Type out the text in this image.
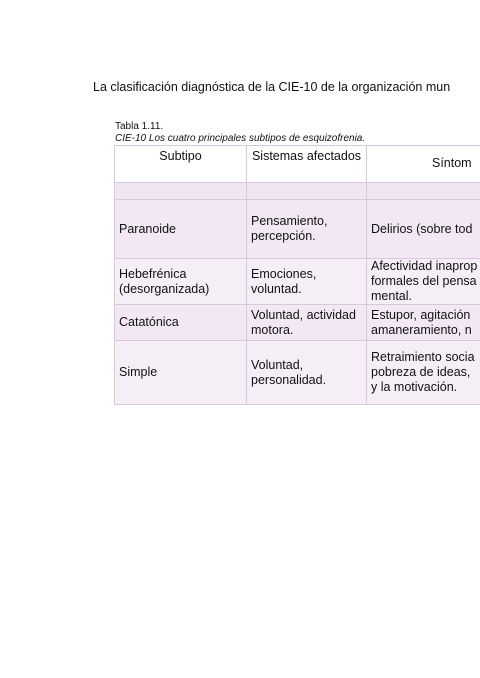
La clasificación diagnóstica de la CIE-10 de la organización mun

Tabla 1.11.

CIE-10 Los cuatro principales subtipos de esquizofrenia.

Subtipo	Sistemas afectados	Síntom

Paranoide	Pensamiento, percepción.	Delirios (sobre tod

Hebefrénica (desorganizada)	Emociones, voluntad.	Afectividad inaprop
formales del pensa
mental.

Catatónica	Voluntad, actividad motora.	Estupor, agitación
amaneramiento, n

Simple	Voluntad, personalidad.	Retraimiento socia
pobreza de ideas,
y la motivación.
